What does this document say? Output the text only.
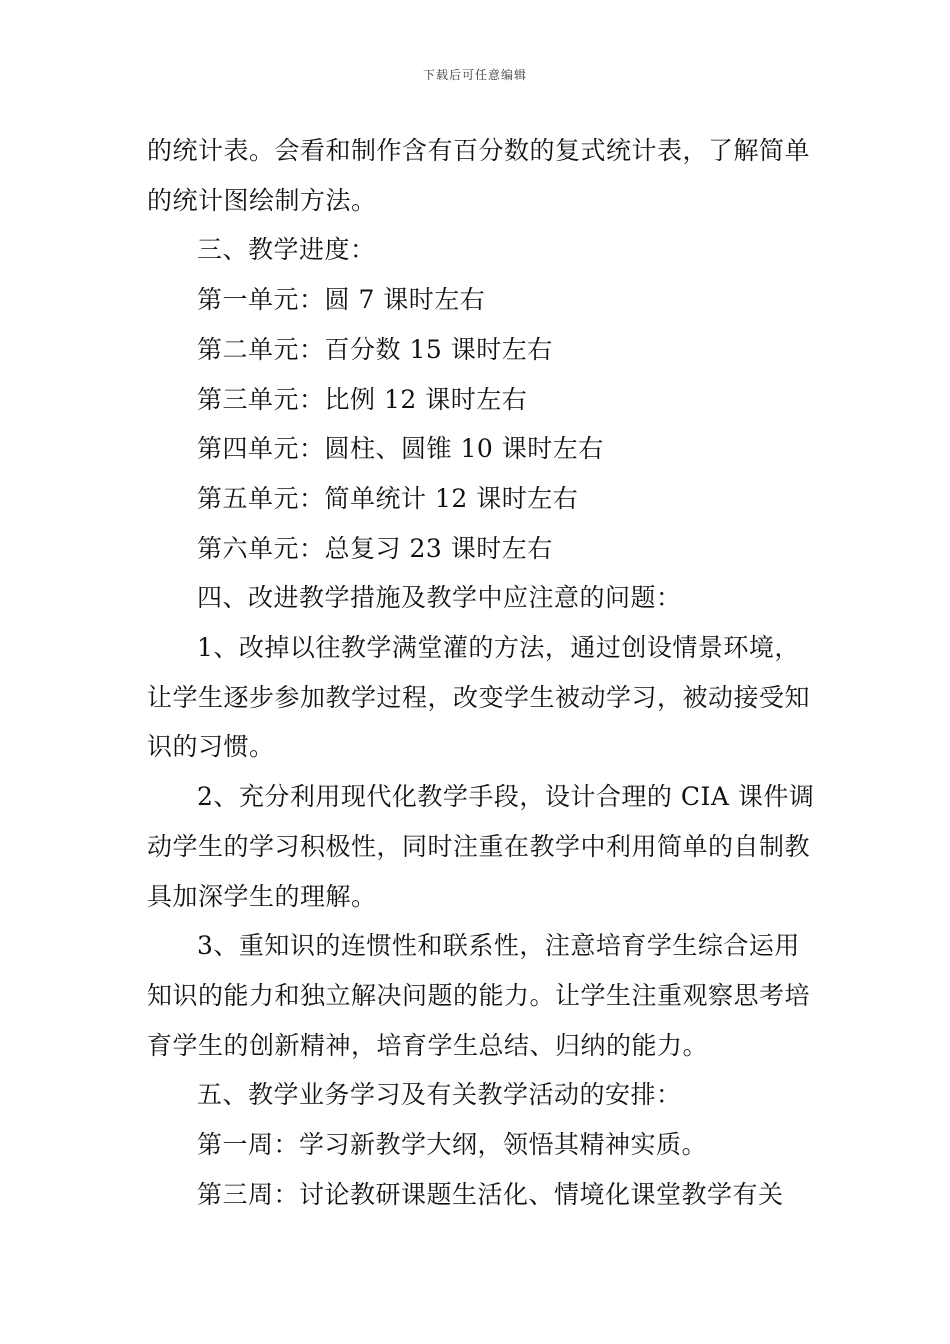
下载后可任意编辑

的统计表。会看和制作含有百分数的复式统计表，了解简单的统计图绘制方法。

三、教学进度：

第一单元：圆 7 课时左右

第二单元：百分数 15 课时左右

第三单元：比例 12 课时左右

第四单元：圆柱、圆锥 10 课时左右

第五单元：简单统计 12 课时左右

第六单元：总复习 23 课时左右

四、改进教学措施及教学中应注意的问题：

1、改掉以往教学满堂灌的方法，通过创设情景环境，让学生逐步参加教学过程，改变学生被动学习，被动接受知识的习惯。

2、充分利用现代化教学手段，设计合理的 CIA 课件调动学生的学习积极性，同时注重在教学中利用简单的自制教具加深学生的理解。

3、重知识的连惯性和联系性，注意培育学生综合运用知识的能力和独立解决问题的能力。让学生注重观察思考培育学生的创新精神，培育学生总结、归纳的能力。

五、教学业务学习及有关教学活动的安排：

第一周：学习新教学大纲，领悟其精神实质。

第三周：讨论教研课题生活化、情境化课堂教学有关
